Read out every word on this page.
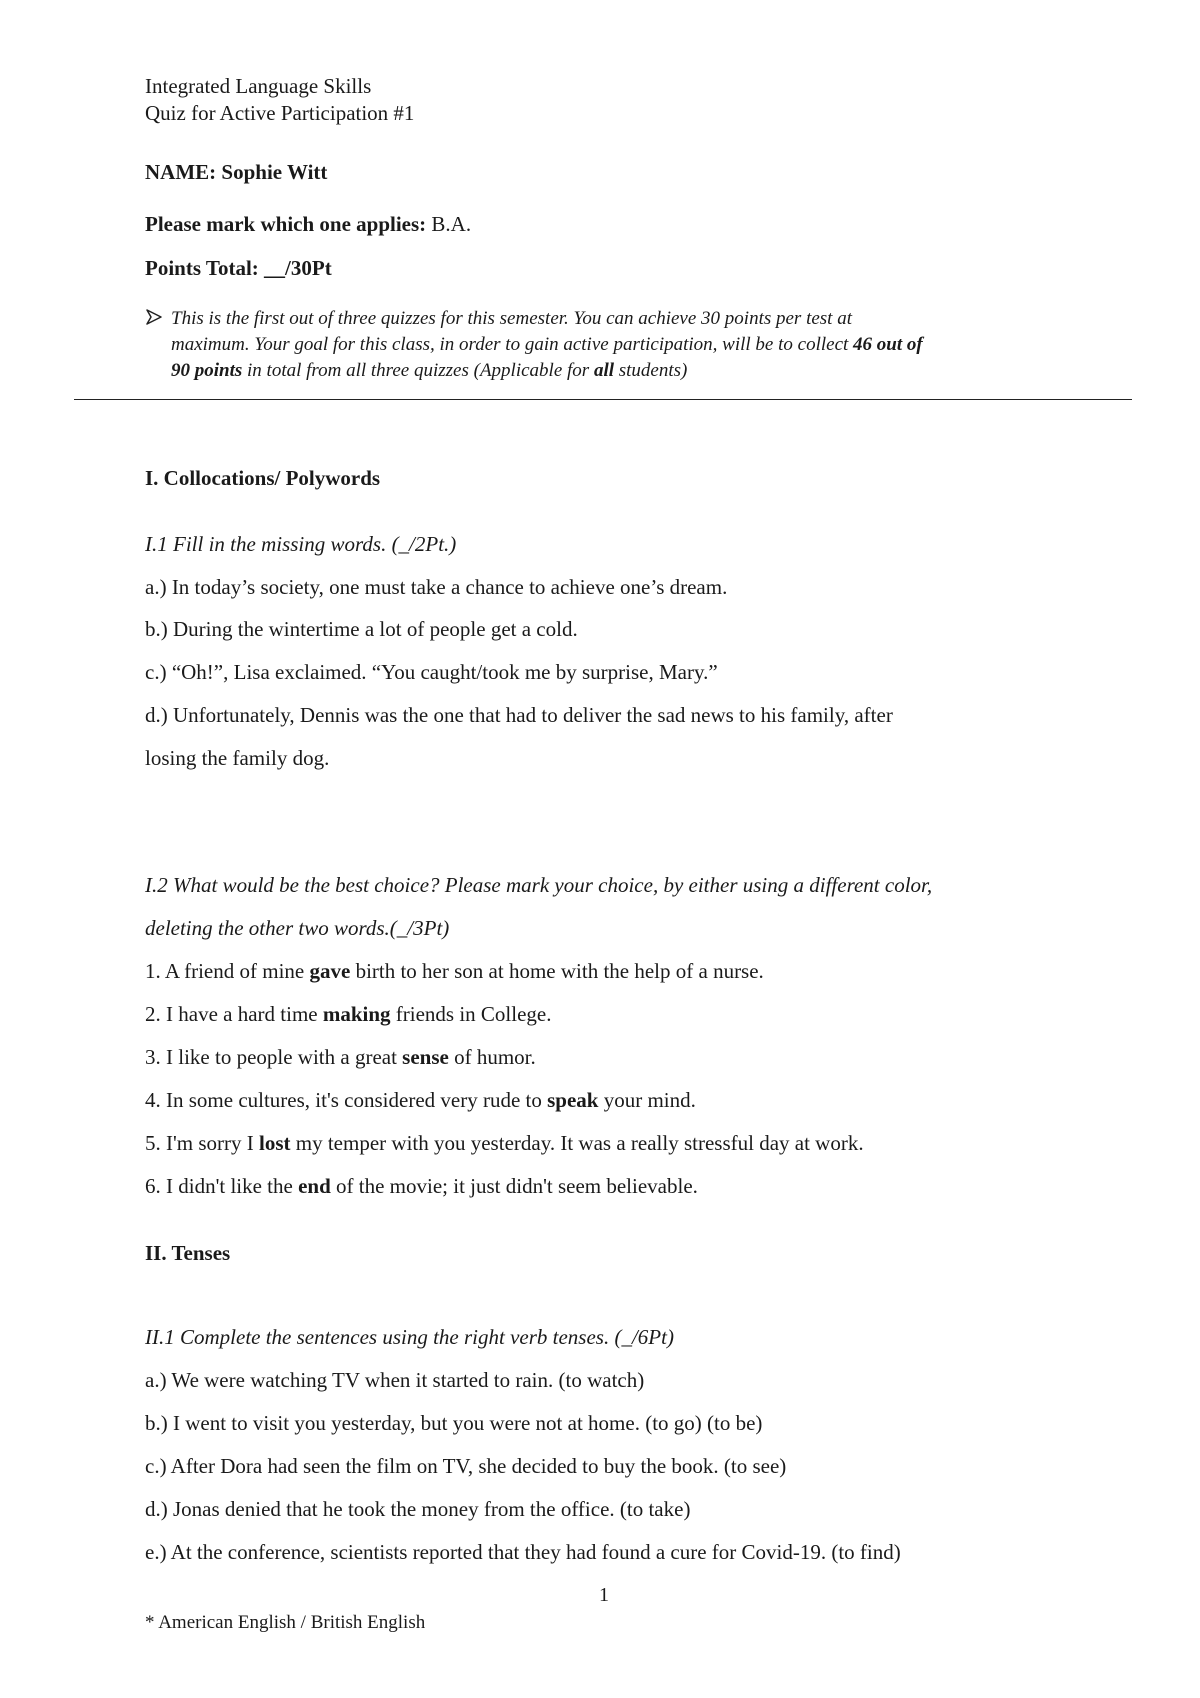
Integrated Language Skills
Quiz for Active Participation #1
NAME: Sophie Witt
Please mark which one applies: B.A.
Points Total: __/30Pt
This is the first out of three quizzes for this semester. You can achieve 30 points per test at
maximum. Your goal for this class, in order to gain active participation, will be to collect 46 out of
90 points in total from all three quizzes (Applicable for all students)
I. Collocations/ Polywords
I.1 Fill in the missing words. (_/2Pt.)
a.) In today’s society, one must take a chance to achieve one’s dream.
b.) During the wintertime a lot of people get a cold.
c.) “Oh!”, Lisa exclaimed. “You caught/took me by surprise, Mary.”
d.) Unfortunately, Dennis was the one that had to deliver the sad news to his family, after
losing the family dog.
I.2 What would be the best choice? Please mark your choice, by either using a different color,
deleting the other two words.(_/3Pt)
1. A friend of mine gave birth to her son at home with the help of a nurse.
2. I have a hard time making friends in College.
3. I like to people with a great sense of humor.
4. In some cultures, it's considered very rude to speak your mind.
5. I'm sorry I lost my temper with you yesterday. It was a really stressful day at work.
6. I didn't like the end of the movie; it just didn't seem believable.
II. Tenses
II.1 Complete the sentences using the right verb tenses. (_/6Pt)
a.) We were watching TV when it started to rain. (to watch)
b.) I went to visit you yesterday, but you were not at home. (to go) (to be)
c.) After Dora had seen the film on TV, she decided to buy the book. (to see)
d.) Jonas denied that he took the money from the office. (to take)
e.) At the conference, scientists reported that they had found a cure for Covid-19. (to find)
1
* American English / British English
